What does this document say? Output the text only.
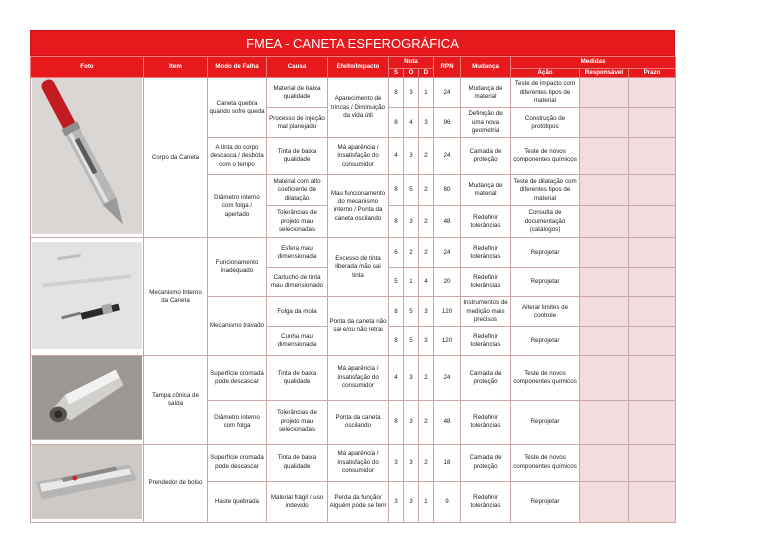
FMEA - CANETA ESFEROGRÁFICA
Foto	Item	Modo de Falha	Causa	Efeito/Impacto	Nota			RPN	Mudança	Medidas		
					S	O	D			Ação	Responsável	Prazo

	Corpo da Caneta	Caneta quebra quando sofre queda	Material de baixa qualidade	Aparecimento de trincas / Diminuição da vida útil	8	3	1	24	Mudança de material	Teste de impacto com diferentes tipos de material		
			Processo de injeção mal planejado		8	4	3	96	Definição de uma nova geometria	Construção de protótipos		
		A tinta do corpo descasca / desbota com o tempo	Tinta de baixa qualidade	Má aparência / Insatisfação do consumidor	4	3	2	24	Camada de proteção	Teste de novos componentes químicos		
		Diâmetro interno com folga / apertado	Material com alto coeficiente de dilatação	Mau funcionamento do mecanismo interno / Ponta da caneta oscilando	8	5	2	80	Mudança de material	Teste de dilatação com diferentes tipos de material		
			Tolerâncias de projeto mau selecionadas		8	3	2	48	Redefinir tolerâncias	Consulta de documentação (catálogos)		

	Mecanismo Interno da Caneta	Funcionamento inadequado	Esfera mau dimensionada	Excesso de tinta liberada /não sai tinta	6	2	2	24	Redefinir tolerâncias	Reprojetar		
			Cartucho de tinta mau dimensionado		5	1	4	20	Redefinir tolerâncias	Reprojetar		
		Mecanismo travado	Folga da mola	Ponta da caneta não sai e/ou não retrai	8	5	3	120	Instrumentos de medição mais precisos	Alterar limites de controle		
			Cunha mau dimensionada		8	5	3	120	Redefinir tolerâncias	Reprojetar		

	Tampa cônica de saída	Superfície cromada pode descascar	Tinta de baixa qualidade	Má aparência / Insatisfação do consumidor	4	3	2	24	Camada de proteção	Teste de novos componentes químicos		
		Diâmetro interno com folga	Tolerâncias de projeto mau selecionadas	Ponta da caneta oscilando	8	3	2	48	Redefinir tolerâncias	Reprojetar		

	Prendedor de bolso	Superfície cromada pode descascar	Tinta de baixa qualidade	Má aparência / Insatisfação do consumidor	3	3	2	18	Camada de proteção	Teste de novos componentes químicos		
		Haste quebrada	Material frágil / uso indevido	Perda da função/ Alguém pode se ferir	3	3	1	9	Redefinir tolerâncias	Reprojetar		
